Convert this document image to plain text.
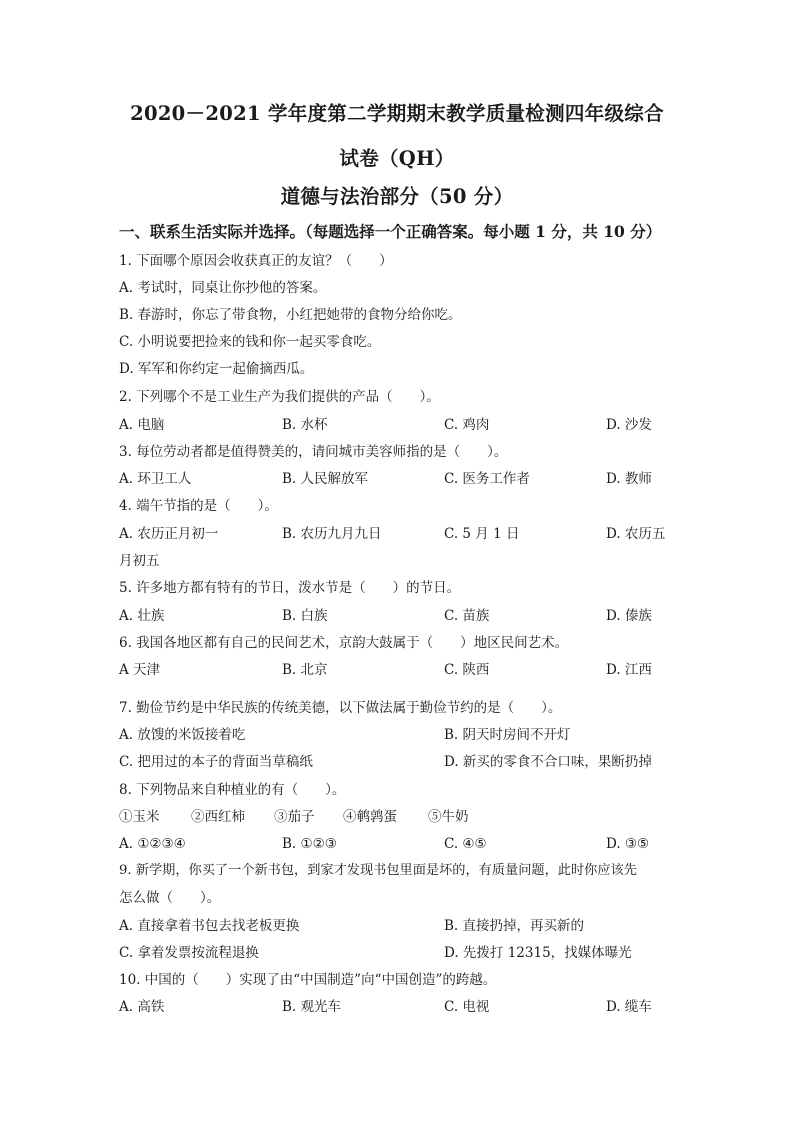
2020－2021 学年度第二学期期末教学质量检测四年级综合
试卷（QH）
道德与法治部分（50 分）
一、联系生活实际并选择。（每题选择一个正确答案。每小题 1 分，共 10 分）
1. 下面哪个原因会收获真正的友谊？（　　）
A. 考试时，同桌让你抄他的答案。
B. 春游时，你忘了带食物，小红把她带的食物分给你吃。
C. 小明说要把捡来的钱和你一起买零食吃。
D. 军军和你约定一起偷摘西瓜。
2. 下列哪个不是工业生产为我们提供的产品（　　）。
A. 电脑	B. 水杯	C. 鸡肉	D. 沙发
3. 每位劳动者都是值得赞美的，请问城市美容师指的是（　　）。
A. 环卫工人	B. 人民解放军	C. 医务工作者	D. 教师
4. 端午节指的是（　　）。
A. 农历正月初一	B. 农历九月九日	C. 5 月 1 日	D. 农历五
月初五
5. 许多地方都有特有的节日，泼水节是（　　）的节日。
A. 壮族	B. 白族	C. 苗族	D. 傣族
6. 我国各地区都有自己的民间艺术，京韵大鼓属于（　　）地区民间艺术。
A 天津	B. 北京	C. 陕西	D. 江西
7. 勤俭节约是中华民族的传统美德，以下做法属于勤俭节约的是（　　）。
A. 放馊的米饭接着吃	B. 阴天时房间不开灯
C. 把用过的本子的背面当草稿纸	D. 新买的零食不合口味，果断扔掉
8. 下列物品来自种植业的有（　　）。
①玉米 ②西红柿 ③茄子 ④鹌鹑蛋 ⑤牛奶
A. ①②③④	B. ①②③	C. ④⑤	D. ③⑤
9. 新学期，你买了一个新书包，到家才发现书包里面是坏的，有质量问题，此时你应该先
怎么做（　　）。
A. 直接拿着书包去找老板更换	B. 直接扔掉，再买新的
C. 拿着发票按流程退换	D. 先拨打 12315，找媒体曝光
10. 中国的（　　）实现了由“中国制造”向“中国创造”的跨越。
A. 高铁	B. 观光车	C. 电视	D. 缆车
